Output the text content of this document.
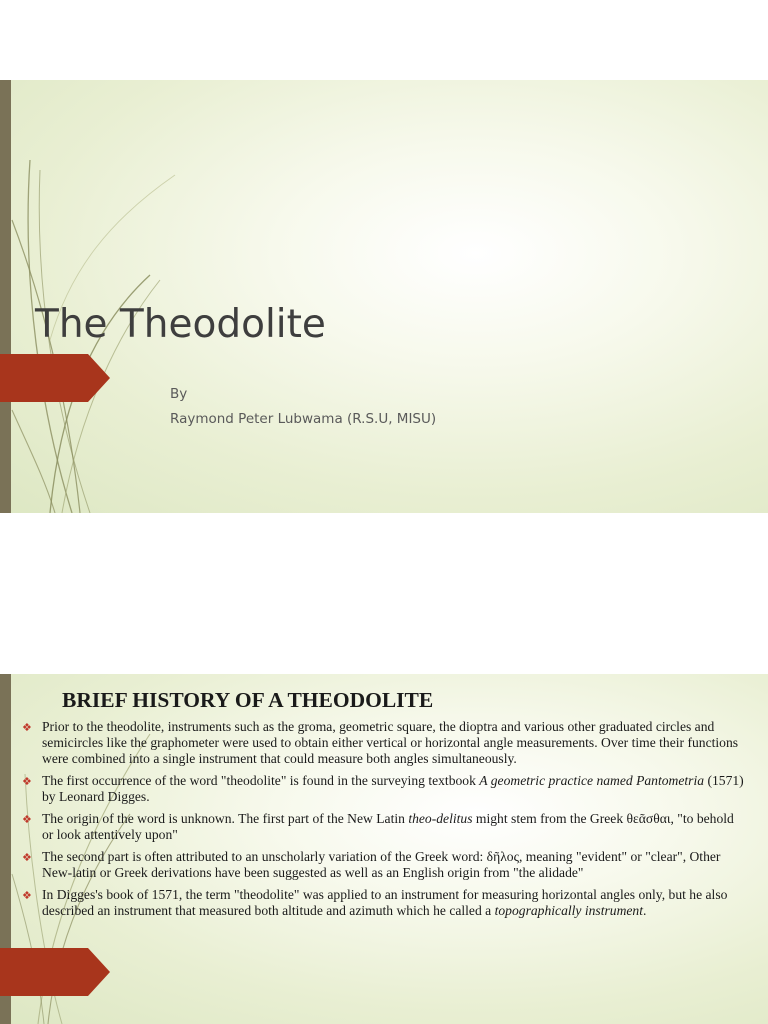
The Theodolite
By
Raymond Peter Lubwama (R.S.U, MISU)
BRIEF HISTORY OF A THEODOLITE
❖ Prior to the theodolite, instruments such as the groma, geometric square, the dioptra and various other graduated circles and semicircles like the graphometer were used to obtain either vertical or horizontal angle measurements. Over time their functions were combined into a single instrument that could measure both angles simultaneously.
❖ The first occurrence of the word "theodolite" is found in the surveying textbook A geometric practice named Pantometria (1571) by Leonard Digges.
❖ The origin of the word is unknown. The first part of the New Latin theo-delitus might stem from the Greek θεᾶσθαι, "to behold or look attentively upon"
❖ The second part is often attributed to an unscholarly variation of the Greek word: δῆλος, meaning "evident" or "clear", Other New-latin or Greek derivations have been suggested as well as an English origin from "the alidade"
❖ In Digges's book of 1571, the term "theodolite" was applied to an instrument for measuring horizontal angles only, but he also described an instrument that measured both altitude and azimuth which he called a topographically instrument.
